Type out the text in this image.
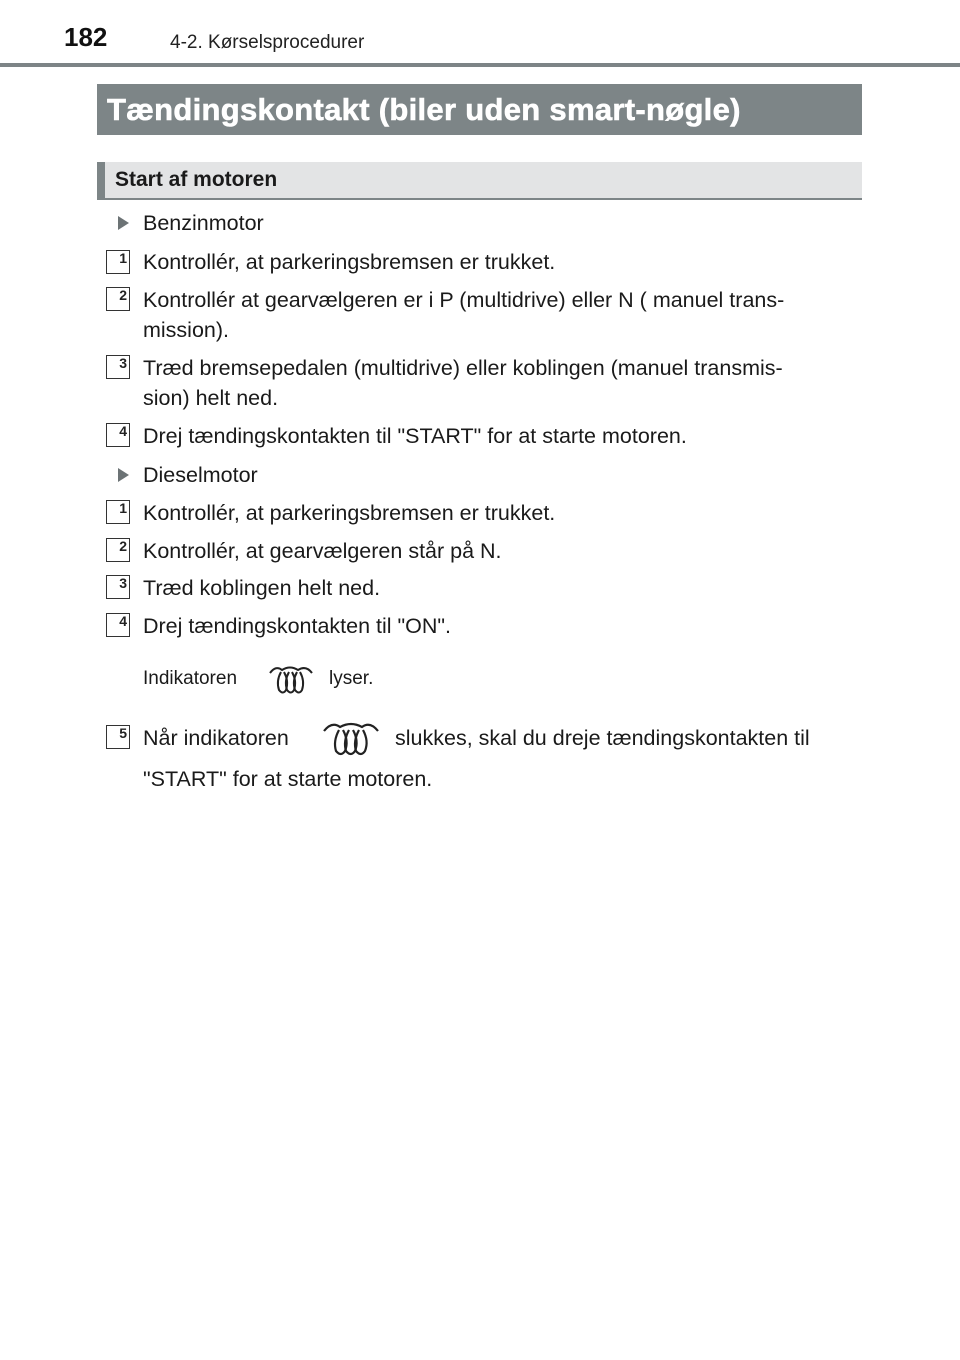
182	4-2. Kørselsprocedurer
Tændingskontakt (biler uden smart-nøgle)
Start af motoren
Benzinmotor
1 Kontrollér, at parkeringsbremsen er trukket.
2 Kontrollér at gearvælgeren er i P (multidrive) eller N ( manuel trans-
mission).
3 Træd bremsepedalen (multidrive) eller koblingen (manuel transmis-
sion) helt ned.
4 Drej tændingskontakten til "START" for at starte motoren.
Dieselmotor
1 Kontrollér, at parkeringsbremsen er trukket.
2 Kontrollér, at gearvælgeren står på N.
3 Træd koblingen helt ned.
4 Drej tændingskontakten til "ON".
Indikatoren	lyser.
5 Når indikatoren	slukkes, skal du dreje tændingskontakten til
"START" for at starte motoren.
